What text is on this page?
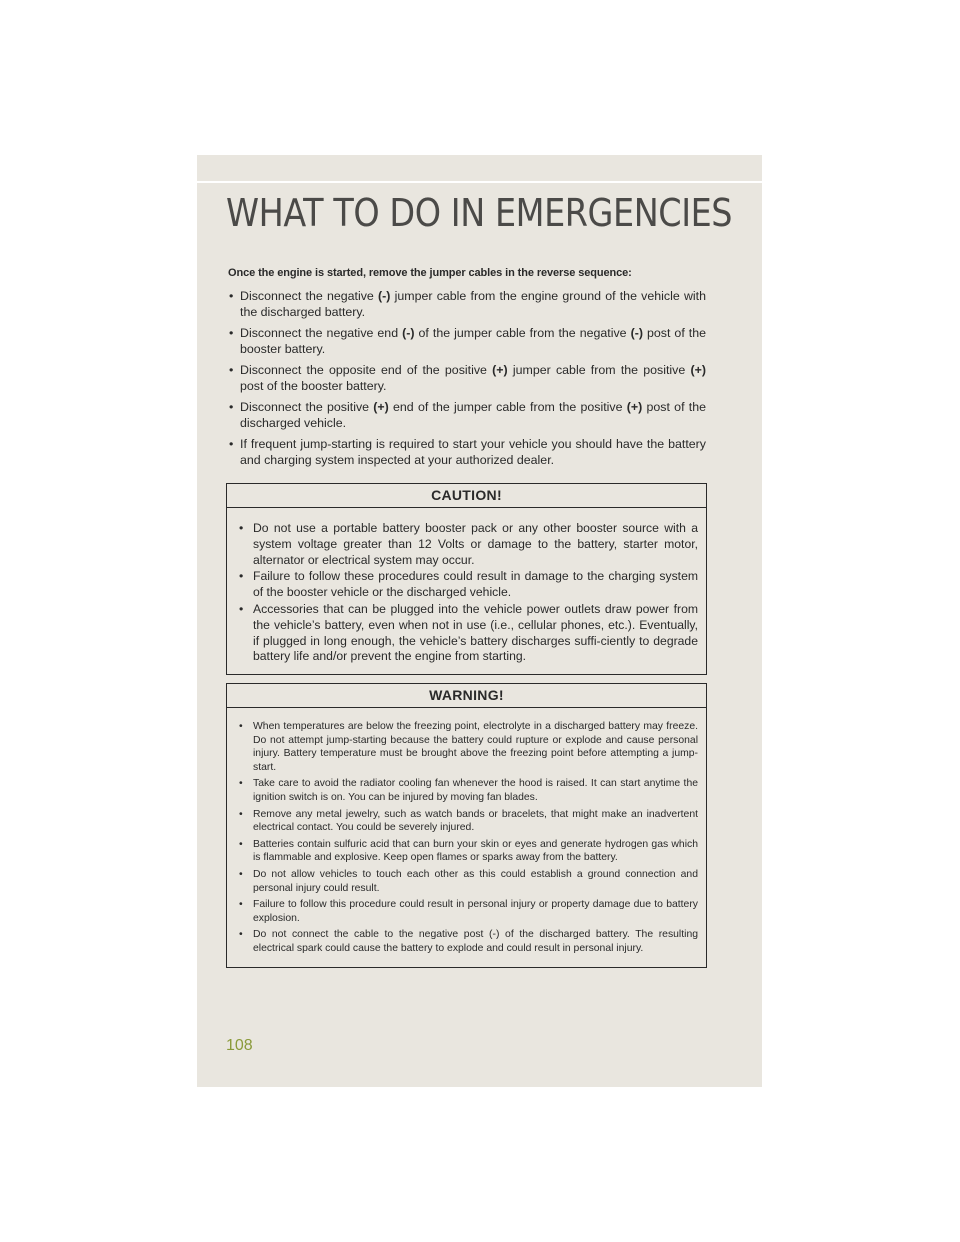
WHAT TO DO IN EMERGENCIES

Once the engine is started, remove the jumper cables in the reverse sequence:

• Disconnect the negative (-) jumper cable from the engine ground of the vehicle with the discharged battery.
• Disconnect the negative end (-) of the jumper cable from the negative (-) post of the booster battery.
• Disconnect the opposite end of the positive (+) jumper cable from the positive (+) post of the booster battery.
• Disconnect the positive (+) end of the jumper cable from the positive (+) post of the discharged vehicle.
• If frequent jump-starting is required to start your vehicle you should have the battery and charging system inspected at your authorized dealer.
CAUTION!
• Do not use a portable battery booster pack or any other booster source with a system voltage greater than 12 Volts or damage to the battery, starter motor, alternator or electrical system may occur.
• Failure to follow these procedures could result in damage to the charging system of the booster vehicle or the discharged vehicle.
• Accessories that can be plugged into the vehicle power outlets draw power from the vehicle’s battery, even when not in use (i.e., cellular phones, etc.). Eventually, if plugged in long enough, the vehicle’s battery discharges suffi-ciently to degrade battery life and/or prevent the engine from starting.
WARNING!
• When temperatures are below the freezing point, electrolyte in a discharged battery may freeze. Do not attempt jump-starting because the battery could rupture or explode and cause personal injury. Battery temperature must be brought above the freezing point before attempting a jump-start.
• Take care to avoid the radiator cooling fan whenever the hood is raised. It can start anytime the ignition switch is on. You can be injured by moving fan blades.
• Remove any metal jewelry, such as watch bands or bracelets, that might make an inadvertent electrical contact. You could be severely injured.
• Batteries contain sulfuric acid that can burn your skin or eyes and generate hydrogen gas which is flammable and explosive. Keep open flames or sparks away from the battery.
• Do not allow vehicles to touch each other as this could establish a ground connection and personal injury could result.
• Failure to follow this procedure could result in personal injury or property damage due to battery explosion.
• Do not connect the cable to the negative post (-) of the discharged battery. The resulting electrical spark could cause the battery to explode and could result in personal injury.
108
